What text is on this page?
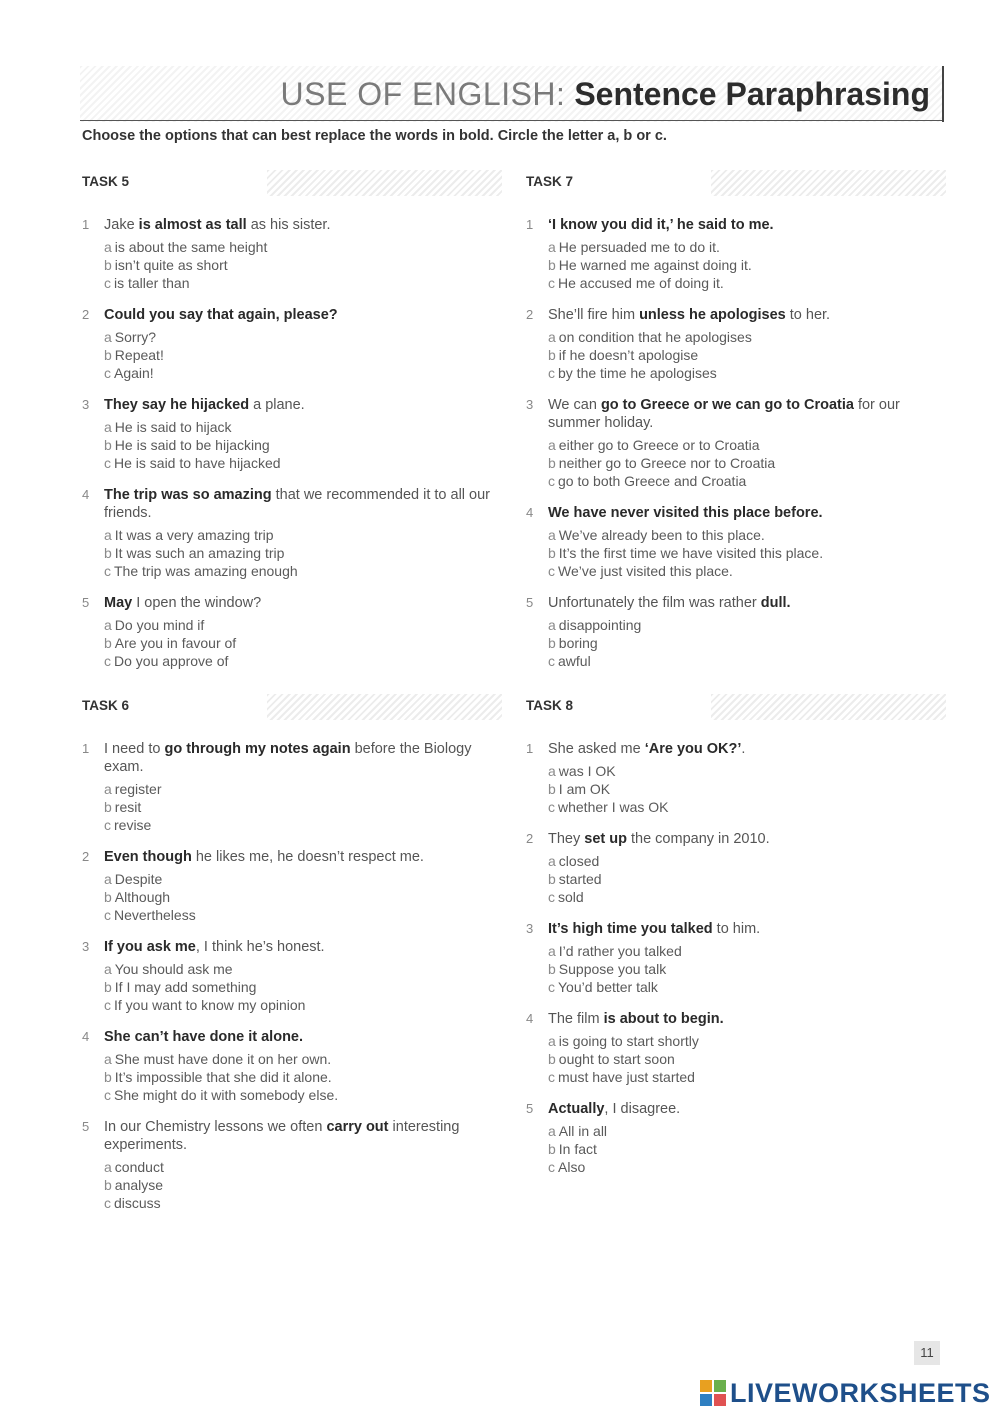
USE OF ENGLISH: Sentence Paraphrasing
Choose the options that can best replace the words in bold. Circle the letter a, b or c.
TASK 5
1 Jake is almost as tall as his sister.
a is about the same height
b isn’t quite as short
c is taller than
2 Could you say that again, please?
a Sorry?
b Repeat!
c Again!
3 They say he hijacked a plane.
a He is said to hijack
b He is said to be hijacking
c He is said to have hijacked
4 The trip was so amazing that we recommended it to all our friends.
a It was a very amazing trip
b It was such an amazing trip
c The trip was amazing enough
5 May I open the window?
a Do you mind if
b Are you in favour of
c Do you approve of
TASK 6
1 I need to go through my notes again before the Biology exam.
a register
b resit
c revise
2 Even though he likes me, he doesn’t respect me.
a Despite
b Although
c Nevertheless
3 If you ask me, I think he’s honest.
a You should ask me
b If I may add something
c If you want to know my opinion
4 She can’t have done it alone.
a She must have done it on her own.
b It’s impossible that she did it alone.
c She might do it with somebody else.
5 In our Chemistry lessons we often carry out interesting experiments.
a conduct
b analyse
c discuss
TASK 7
1 ‘I know you did it,’ he said to me.
a He persuaded me to do it.
b He warned me against doing it.
c He accused me of doing it.
2 She’ll fire him unless he apologises to her.
a on condition that he apologises
b if he doesn’t apologise
c by the time he apologises
3 We can go to Greece or we can go to Croatia for our summer holiday.
a either go to Greece or to Croatia
b neither go to Greece nor to Croatia
c go to both Greece and Croatia
4 We have never visited this place before.
a We’ve already been to this place.
b It’s the first time we have visited this place.
c We’ve just visited this place.
5 Unfortunately the film was rather dull.
a disappointing
b boring
c awful
TASK 8
1 She asked me ‘Are you OK?’.
a was I OK
b I am OK
c whether I was OK
2 They set up the company in 2010.
a closed
b started
c sold
3 It’s high time you talked to him.
a I’d rather you talked
b Suppose you talk
c You’d better talk
4 The film is about to begin.
a is going to start shortly
b ought to start soon
c must have just started
5 Actually, I disagree.
a All in all
b In fact
c Also
11
LIVEWORKSHEETS
